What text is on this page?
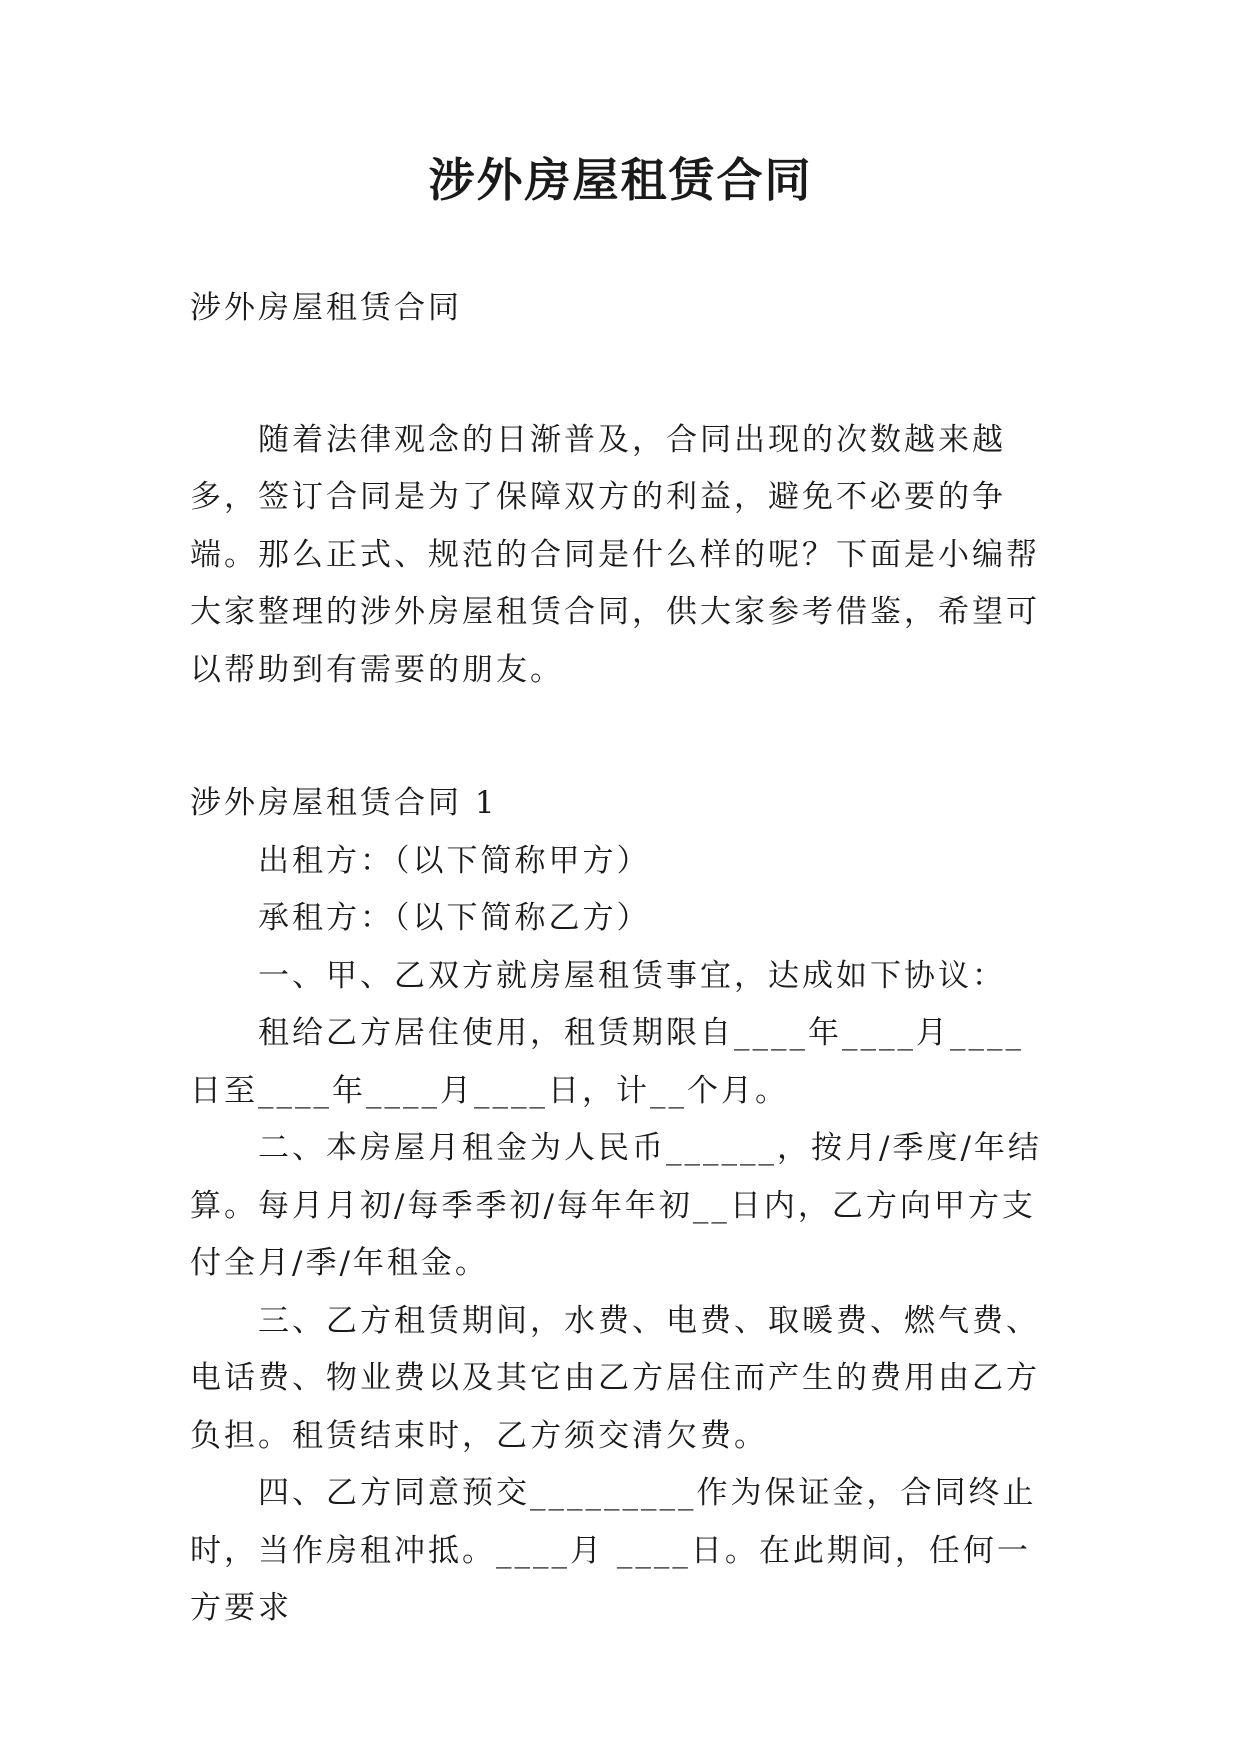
涉外房屋租赁合同

涉外房屋租赁合同

随着法律观念的日渐普及，合同出现的次数越来越多，签订合同是为了保障双方的利益，避免不必要的争端。那么正式、规范的合同是什么样的呢？下面是小编帮大家整理的涉外房屋租赁合同，供大家参考借鉴，希望可以帮助到有需要的朋友。

涉外房屋租赁合同 1

出租方：（以下简称甲方）

承租方：（以下简称乙方）

一、甲、乙双方就房屋租赁事宜，达成如下协议：

租给乙方居住使用，租赁期限自____年____月____日至____年____月____日，计__个月。

二、本房屋月租金为人民币______，按月/季度/年结算。每月月初/每季季初/每年年初__日内，乙方向甲方支付全月/季/年租金。

三、乙方租赁期间，水费、电费、取暖费、燃气费、电话费、物业费以及其它由乙方居住而产生的费用由乙方负担。租赁结束时，乙方须交清欠费。

四、乙方同意预交_________作为保证金，合同终止时，当作房租冲抵。____月 ____日。在此期间，任何一方要求
